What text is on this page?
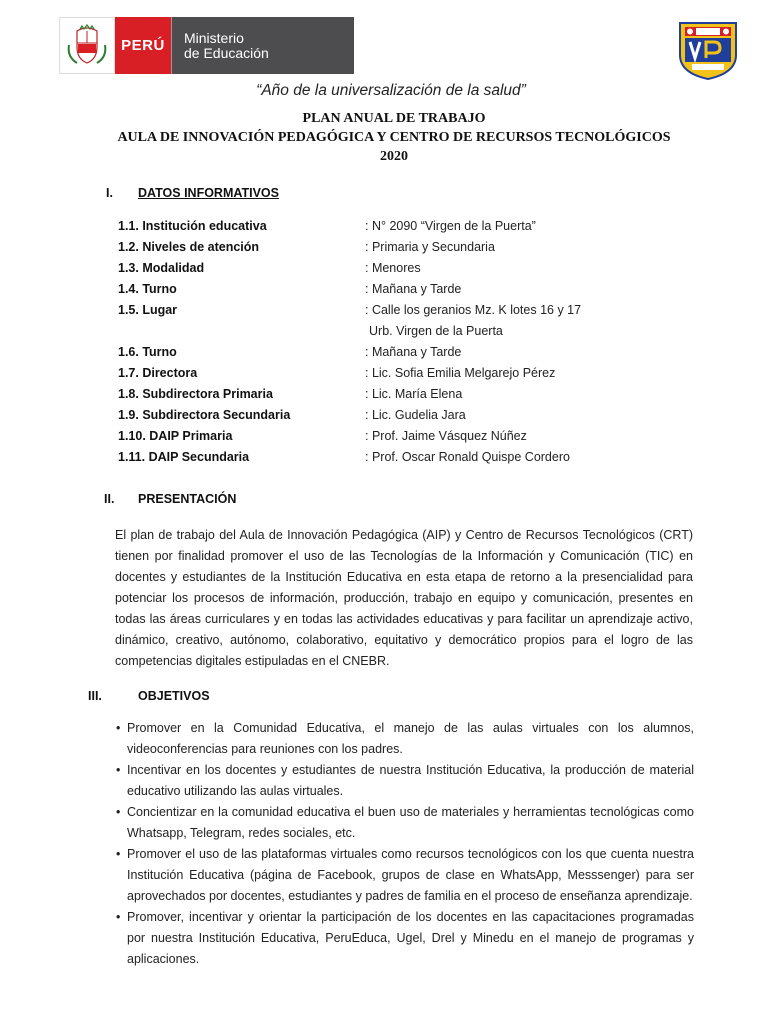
PERÚ	Ministerio
de Educación
“Año de la universalización de la salud”
PLAN ANUAL DE TRABAJO
AULA DE INNOVACIÓN PEDAGÓGICA Y CENTRO DE RECURSOS TECNOLÓGICOS
2020
I. DATOS INFORMATIVOS
1.1. Institución educativa	: N° 2090 “Virgen de la Puerta”
1.2. Niveles de atención	: Primaria y Secundaria
1.3. Modalidad	: Menores
1.4. Turno	: Mañana y Tarde
1.5. Lugar	: Calle los geranios Mz. K lotes 16 y 17
Urb. Virgen de la Puerta
1.6. Turno	: Mañana y Tarde
1.7. Directora	: Lic. Sofia Emilia Melgarejo Pérez
1.8. Subdirectora Primaria	: Lic. María Elena
1.9. Subdirectora Secundaria	: Lic. Gudelia Jara
1.10. DAIP Primaria	: Prof. Jaime Vásquez Núñez
1.11. DAIP Secundaria	: Prof. Oscar Ronald Quispe Cordero
II. PRESENTACIÓN
El plan de trabajo del Aula de Innovación Pedagógica (AIP) y Centro de Recursos Tecnológicos (CRT) tienen por finalidad promover el uso de las Tecnologías de la Información y Comunicación (TIC) en docentes y estudiantes de la Institución Educativa en esta etapa de retorno a la presencialidad para potenciar los procesos de información, producción, trabajo en equipo y comunicación, presentes en todas las áreas curriculares y en todas las actividades educativas y para facilitar un aprendizaje activo, dinámico, creativo, autónomo, colaborativo, equitativo y democrático propios para el logro de las competencias digitales estipuladas en el CNEBR.
III.	OBJETIVOS
• Promover en la Comunidad Educativa, el manejo de las aulas virtuales con los alumnos, videoconferencias para reuniones con los padres.
• Incentivar en los docentes y estudiantes de nuestra Institución Educativa, la producción de material educativo utilizando las aulas virtuales.
• Concientizar en la comunidad educativa el buen uso de materiales y herramientas tecnológicas como Whatsapp, Telegram, redes sociales, etc.
• Promover el uso de las plataformas virtuales como recursos tecnológicos con los que cuenta nuestra Institución Educativa (página de Facebook, grupos de clase en WhatsApp, Messsenger) para ser aprovechados por docentes, estudiantes y padres de familia en el proceso de enseñanza aprendizaje.
• Promover, incentivar y orientar la participación de los docentes en las capacitaciones programadas por nuestra Institución Educativa, PeruEduca, Ugel, Drel y Minedu en el manejo de programas y aplicaciones.
